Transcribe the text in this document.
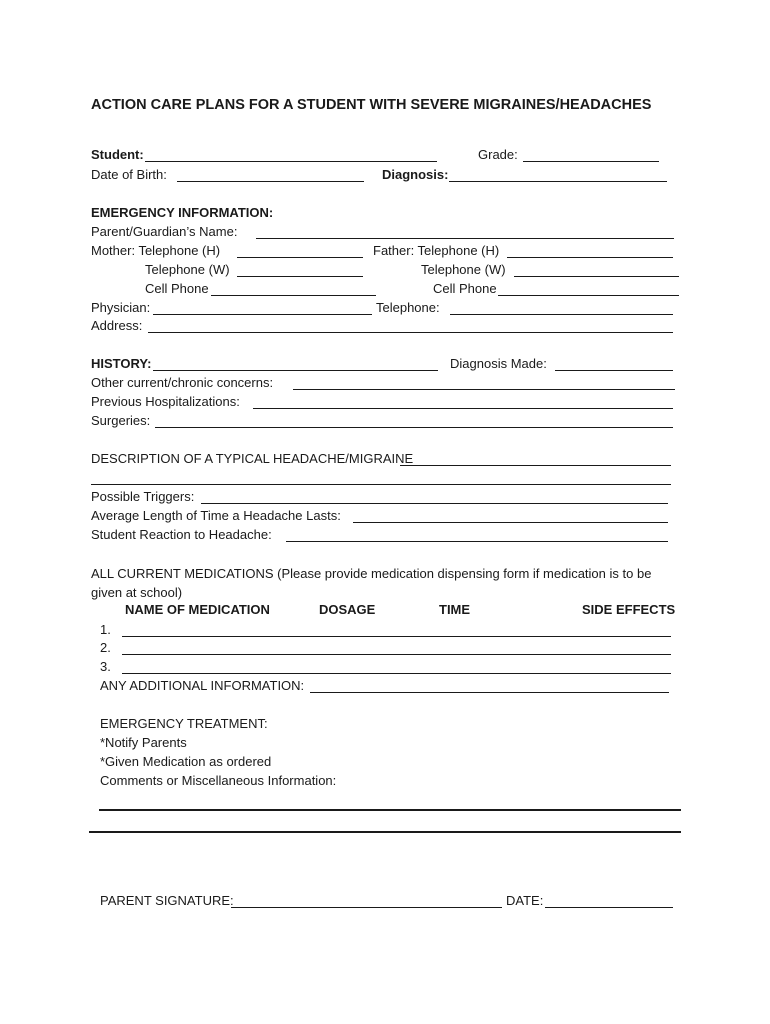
ACTION CARE PLANS FOR A STUDENT WITH SEVERE MIGRAINES/HEADACHES
Student:	Grade:
Date of Birth:	Diagnosis:
EMERGENCY INFORMATION:
Parent/Guardian’s Name:
Mother: Telephone (H)	Father: Telephone (H)
Telephone (W)	Telephone (W)
Cell Phone	Cell Phone
Physician:	Telephone:
Address:
HISTORY:	Diagnosis Made:
Other current/chronic concerns:
Previous Hospitalizations:
Surgeries:
DESCRIPTION OF A TYPICAL HEADACHE/MIGRAINE
Possible Triggers:
Average Length of Time a Headache Lasts:
Student Reaction to Headache:
ALL CURRENT MEDICATIONS (Please provide medication dispensing form if medication is to be given at school)
NAME OF MEDICATION	DOSAGE	TIME	SIDE EFFECTS
1.
2.
3.
ANY ADDITIONAL INFORMATION:
EMERGENCY TREATMENT:
*Notify Parents
*Given Medication as ordered
Comments or Miscellaneous Information:
PARENT SIGNATURE:	DATE:
